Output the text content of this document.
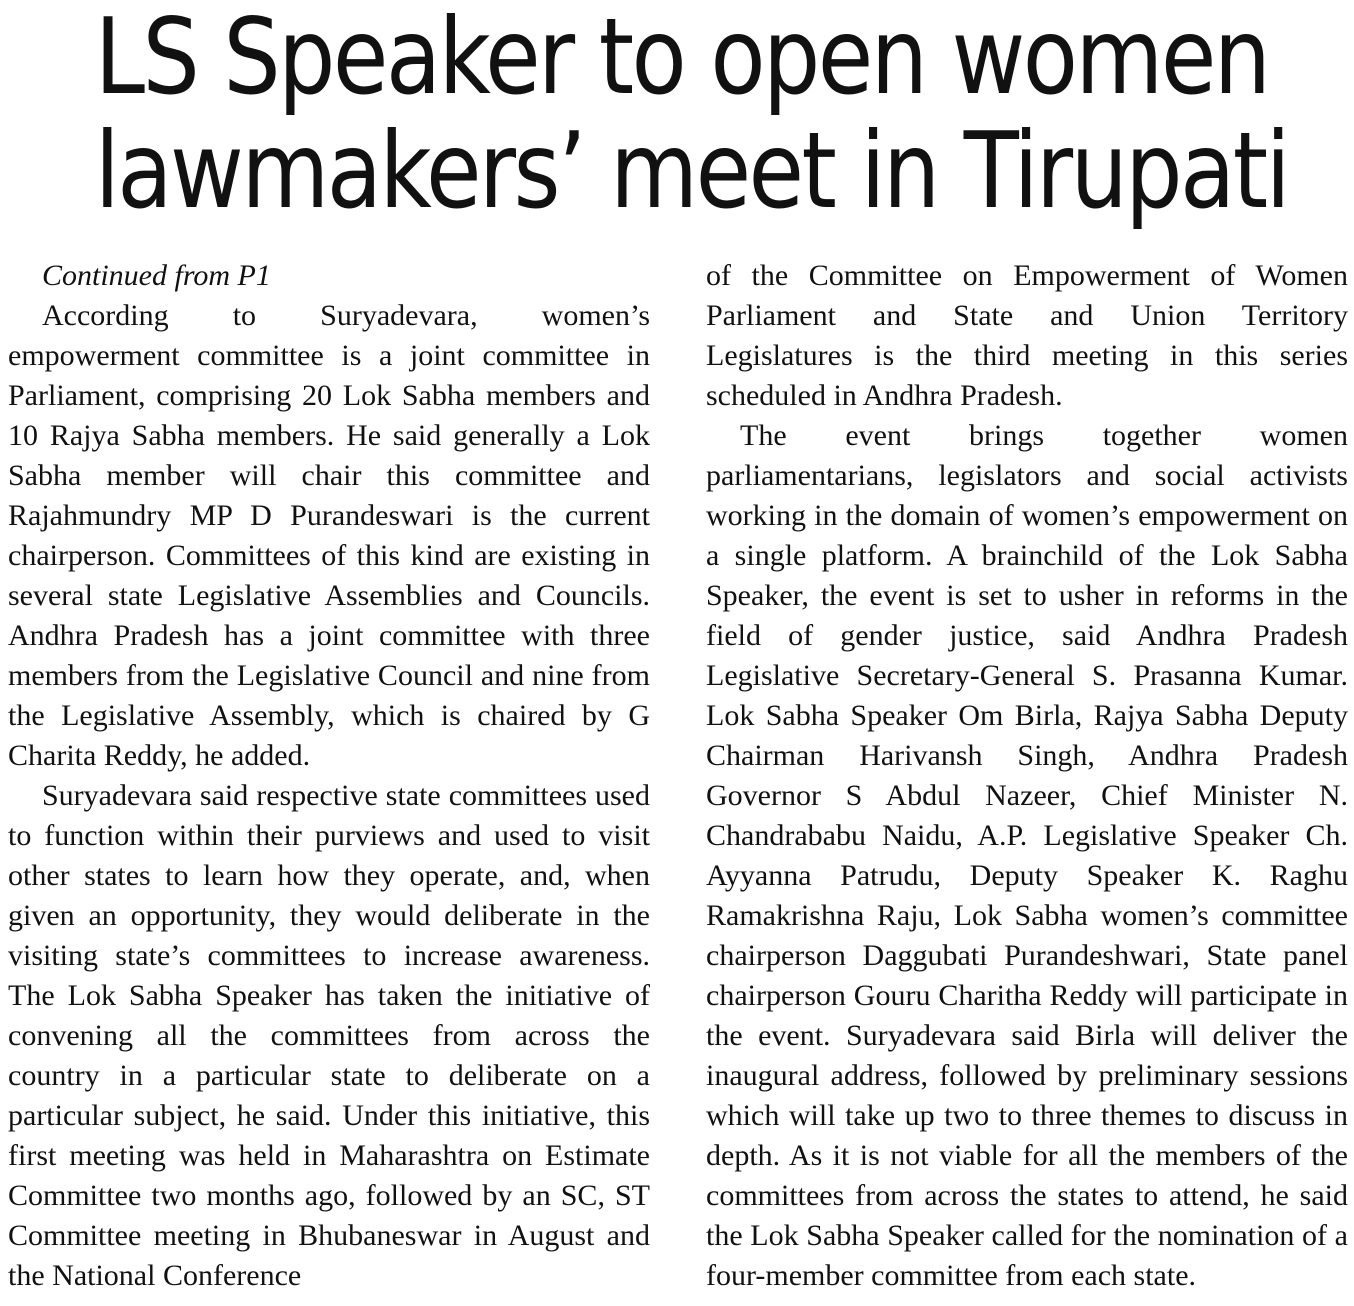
LS Speaker to open women
lawmakers’ meet in Tirupati

Continued from P1

According to Suryadevara, women’s empowerment committee is a joint committee in Parliament, comprising 20 Lok Sabha members and 10 Rajya Sabha members. He said generally a Lok Sabha member will chair this committee and Rajahmundry MP D Purandeswari is the current chairperson. Committees of this kind are existing in several state Legislative Assemblies and Councils. Andhra Pradesh has a joint committee with three members from the Legislative Council and nine from the Legislative Assembly, which is chaired by G Charita Reddy, he added.

Suryadevara said respective state committees used to function within their purviews and used to visit other states to learn how they operate, and, when given an opportunity, they would deliberate in the visiting state’s committees to increase awareness. The Lok Sabha Speaker has taken the initiative of convening all the committees from across the country in a particular state to deliberate on a particular subject, he said. Under this initiative, this first meeting was held in Maharashtra on Estimate Committee two months ago, followed by an SC, ST Committee meeting in Bhubaneswar in August and the National Conference

of the Committee on Empowerment of Women Parliament and State and Union Territory Legislatures is the third meeting in this series scheduled in Andhra Pradesh.

The event brings together women parliamentarians, legislators and social activists working in the domain of women’s empowerment on a single platform. A brainchild of the Lok Sabha Speaker, the event is set to usher in reforms in the field of gender justice, said Andhra Pradesh Legislative Secretary-General S. Prasanna Kumar. Lok Sabha Speaker Om Birla, Rajya Sabha Deputy Chairman Harivansh Singh, Andhra Pradesh Governor S Abdul Nazeer, Chief Minister N. Chandrababu Naidu, A.P. Legislative Speaker Ch. Ayyanna Patrudu, Deputy Speaker K. Raghu Ramakrishna Raju, Lok Sabha women’s committee chairperson Daggubati Purandeshwari, State panel chairperson Gouru Charitha Reddy will participate in the event. Suryadevara said Birla will deliver the inaugural address, followed by preliminary sessions which will take up two to three themes to discuss in depth. As it is not viable for all the members of the committees from across the states to attend, he said the Lok Sabha Speaker called for the nomination of a four-member committee from each state.
